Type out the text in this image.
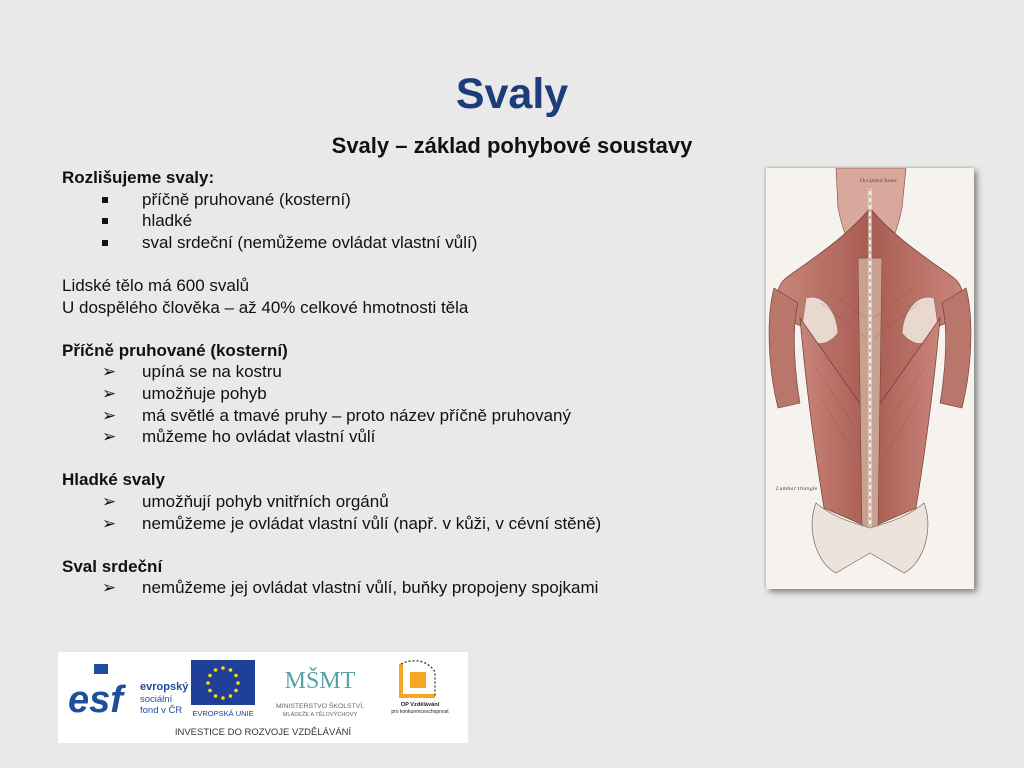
Svaly
Svaly – základ pohybové soustavy

Rozlišujeme svaly:

příčně pruhované (kosterní)
hladké
sval srdeční (nemůžeme ovládat vlastní vůlí)

Lidské tělo má 600 svalů

U dospělého člověka – až 40% celkové hmotnosti těla

Příčně pruhované (kosterní)

➢	upíná se na kostru
➢	umožňuje pohyb
➢	má světlé a tmavé pruhy – proto název příčně pruhovaný
➢	můžeme ho ovládat vlastní vůlí

Hladké svaly

➢	umožňují pohyb vnitřních orgánů
➢	nemůžeme je ovládat vlastní vůlí (např. v kůži, v cévní stěně)

Sval srdeční

➢	nemůžeme jej ovládat vlastní vůlí, buňky propojeny spojkami
Occipital bone
Lumbar triangle
esf	evropský
sociální
fond v ČR EVROPSKÁ UNIE
MŠMT
MINISTERSTVO ŠKOLSTVÍ,
MLÁDEŽE A TĚLOVÝCHOVY
OP Vzdělávání
pro konkurenceschopnost
INVESTICE DO ROZVOJE VZDĚLÁVÁNÍ
